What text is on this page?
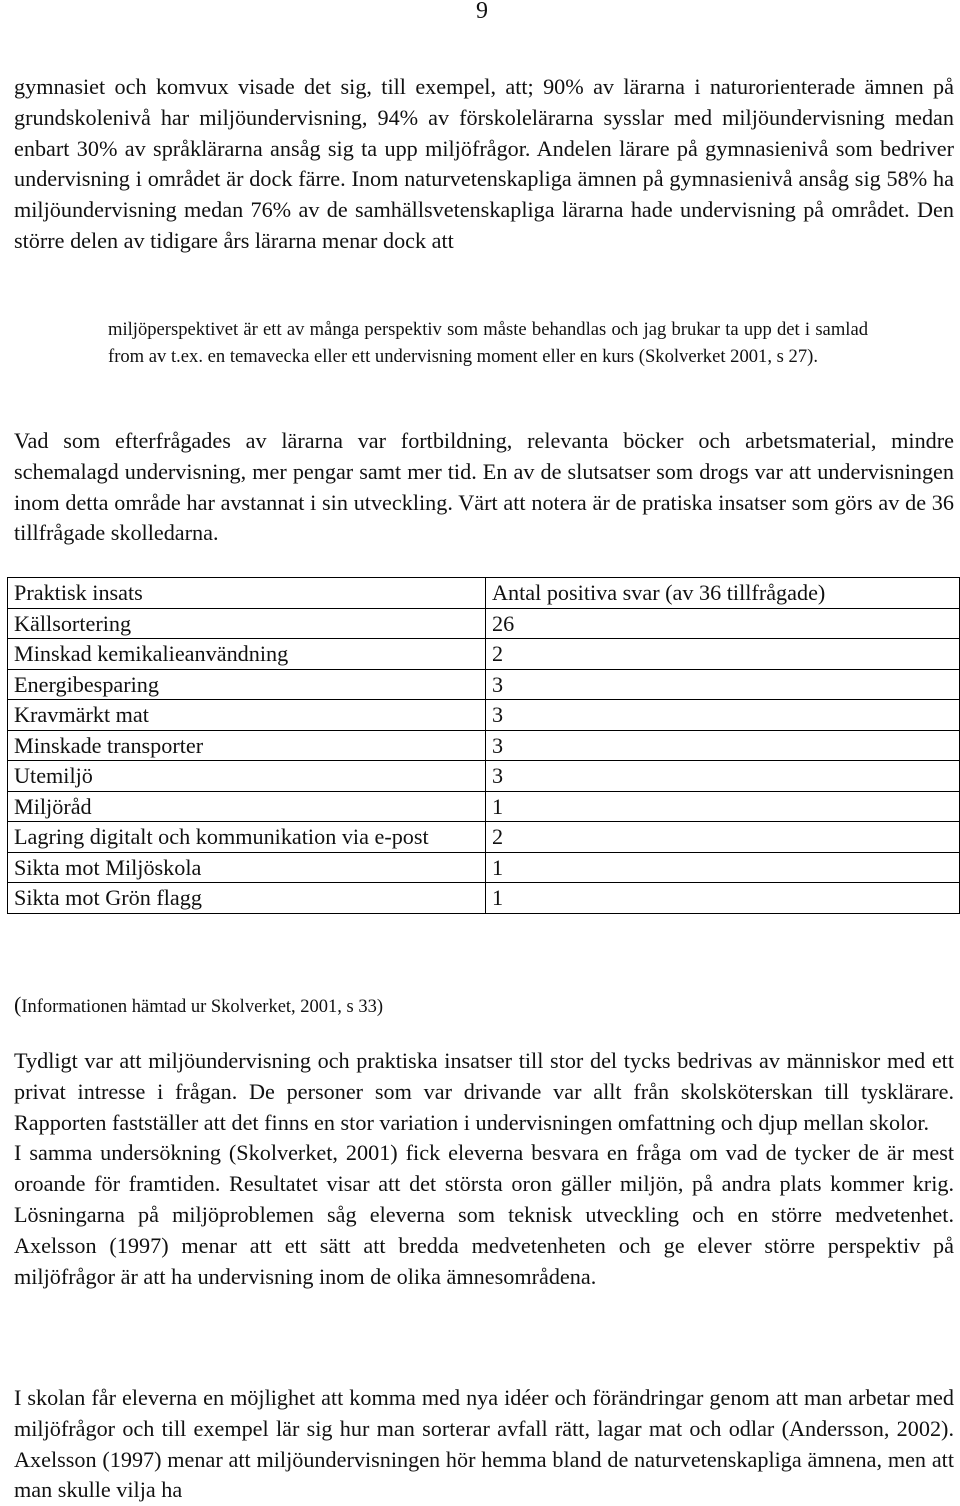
9
gymnasiet och komvux visade det sig, till exempel, att; 90% av lärarna i naturorienterade ämnen på grundskolenivå har miljöundervisning, 94% av förskolelärarna sysslar med miljöundervisning medan enbart 30% av språklärarna ansåg sig ta upp miljöfrågor. Andelen lärare på gymnasienivå som bedriver undervisning i området är dock färre. Inom naturvetenskapliga ämnen på gymnasienivå ansåg sig 58% ha miljöundervisning medan 76% av de samhällsvetenskapliga lärarna hade undervisning på området. Den större delen av tidigare års lärarna menar dock att
miljöperspektivet är ett av många perspektiv som måste behandlas och jag brukar ta upp det i samlad from av t.ex. en temavecka eller ett undervisning moment eller en kurs (Skolverket 2001, s 27).
Vad som efterfrågades av lärarna var fortbildning, relevanta böcker och arbetsmaterial, mindre schemalagd undervisning, mer pengar samt mer tid. En av de slutsatser som drogs var att undervisningen inom detta område har avstannat i sin utveckling. Värt att notera är de pratiska insatser som görs av de 36 tillfrågade skolledarna.
Praktisk insats	Antal positiva svar (av 36 tillfrågade)
Källsortering	26
Minskad kemikalieanvändning	2
Energibesparing	3
Kravmärkt mat	3
Minskade transporter	3
Utemiljö	3
Miljöråd	1
Lagring digitalt och kommunikation via e-post	2
Sikta mot Miljöskola	1
Sikta mot Grön flagg	1
(Informationen hämtad ur Skolverket, 2001, s 33)
Tydligt var att miljöundervisning och praktiska insatser till stor del tycks bedrivas av människor med ett privat intresse i frågan. De personer som var drivande var allt från skolsköterskan till tysklärare. Rapporten fastställer att det finns en stor variation i undervisningen omfattning och djup mellan skolor.
I samma undersökning (Skolverket, 2001) fick eleverna besvara en fråga om vad de tycker de är mest oroande för framtiden. Resultatet visar att det största oron gäller miljön, på andra plats kommer krig. Lösningarna på miljöproblemen såg eleverna som teknisk utveckling och en större medvetenhet. Axelsson (1997) menar att ett sätt att bredda medvetenheten och ge elever större perspektiv på miljöfrågor är att ha undervisning inom de olika ämnesområdena.
I skolan får eleverna en möjlighet att komma med nya idéer och förändringar genom att man arbetar med miljöfrågor och till exempel lär sig hur man sorterar avfall rätt, lagar mat och odlar (Andersson, 2002). Axelsson (1997) menar att miljöundervisningen hör hemma bland de naturvetenskapliga ämnena, men att man skulle vilja ha
